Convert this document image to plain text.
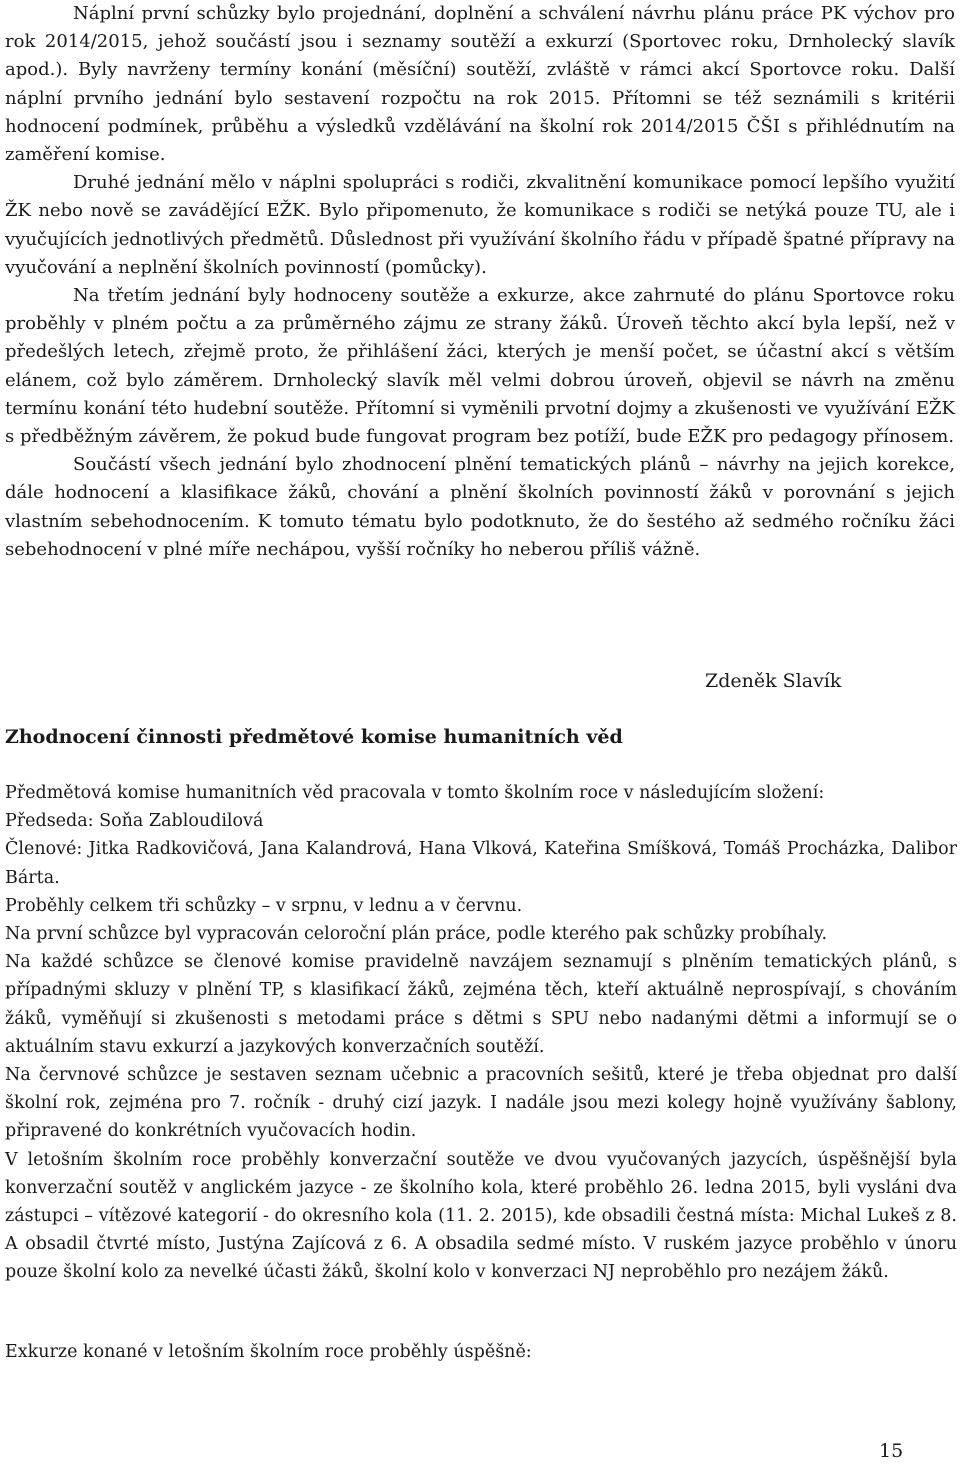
Náplní první schůzky bylo projednání, doplnění a schválení návrhu plánu práce PK výchov pro rok 2014/2015, jehož součástí jsou i seznamy soutěží a exkurzí (Sportovec roku, Drnholecký slavík apod.). Byly navrženy termíny konání (měsíční) soutěží, zvláště v rámci akcí Sportovce roku. Další náplní prvního jednání bylo sestavení rozpočtu na rok 2015. Přítomni se též seznámili s kritérii hodnocení podmínek, průběhu a výsledků vzdělávání na školní rok 2014/2015 ČŠI s přihlédnutím na zaměření komise.

Druhé jednání mělo v náplni spolupráci s rodiči, zkvalitnění komunikace pomocí lepšího využití ŽK nebo nově se zavádějící EŽK. Bylo připomenuto, že komunikace s rodiči se netýká pouze TU, ale i vyučujících jednotlivých předmětů. Důslednost při využívání školního řádu v případě špatné přípravy na vyučování a neplnění školních povinností (pomůcky).

Na třetím jednání byly hodnoceny soutěže a exkurze, akce zahrnuté do plánu Sportovce roku proběhly v plném počtu a za průměrného zájmu ze strany žáků. Úroveň těchto akcí byla lepší, než v předešlých letech, zřejmě proto, že přihlášení žáci, kterých je menší počet, se účastní akcí s větším elánem, což bylo záměrem. Drnholecký slavík měl velmi dobrou úroveň, objevil se návrh na změnu termínu konání této hudební soutěže. Přítomní si vyměnili prvotní dojmy a zkušenosti ve využívání EŽK s předběžným závěrem, že pokud bude fungovat program bez potíží, bude EŽK pro pedagogy přínosem.

Součástí všech jednání bylo zhodnocení plnění tematických plánů – návrhy na jejich korekce, dále hodnocení a klasifikace žáků, chování a plnění školních povinností žáků v porovnání s jejich vlastním sebehodnocením. K tomuto tématu bylo podotknuto, že do šestého až sedmého ročníku žáci sebehodnocení v plné míře nechápou, vyšší ročníky ho neberou příliš vážně.

Zdeněk Slavík

Zhodnocení činnosti předmětové komise humanitních věd

Předmětová komise humanitních věd pracovala v tomto školním roce v následujícím složení:

Předseda: Soňa Zabloudilová

Členové: Jitka Radkovičová, Jana Kalandrová, Hana Vlková, Kateřina Smíšková, Tomáš Procházka, Dalibor Bárta.

Proběhly celkem tři schůzky – v srpnu, v lednu a v červnu.

Na první schůzce byl vypracován celoroční plán práce, podle kterého pak schůzky probíhaly.

Na každé schůzce se členové komise pravidelně navzájem seznamují s plněním tematických plánů, s případnými skluzy v plnění TP, s klasifikací žáků, zejména těch, kteří aktuálně neprospívají, s chováním žáků, vyměňují si zkušenosti s metodami práce s dětmi s SPU nebo nadanými dětmi a informují se o aktuálním stavu exkurzí a jazykových konverzačních soutěží.

Na červnové schůzce je sestaven seznam učebnic a pracovních sešitů, které je třeba objednat pro další školní rok, zejména pro 7. ročník - druhý cizí jazyk. I nadále jsou mezi kolegy hojně využívány šablony, připravené do konkrétních vyučovacích hodin.

V letošním školním roce proběhly konverzační soutěže ve dvou vyučovaných jazycích, úspěšnější byla konverzační soutěž v anglickém jazyce - ze školního kola, které proběhlo 26. ledna 2015, byli vysláni dva zástupci – vítězové kategorií - do okresního kola (11. 2. 2015), kde obsadili čestná místa: Michal Lukeš z 8. A obsadil čtvrté místo, Justýna Zajícová z 6. A obsadila sedmé místo. V ruském jazyce proběhlo v únoru pouze školní kolo za nevelké účasti žáků, školní kolo v konverzaci NJ neproběhlo pro nezájem žáků.

Exkurze konané v letošním školním roce proběhly úspěšně:

15
